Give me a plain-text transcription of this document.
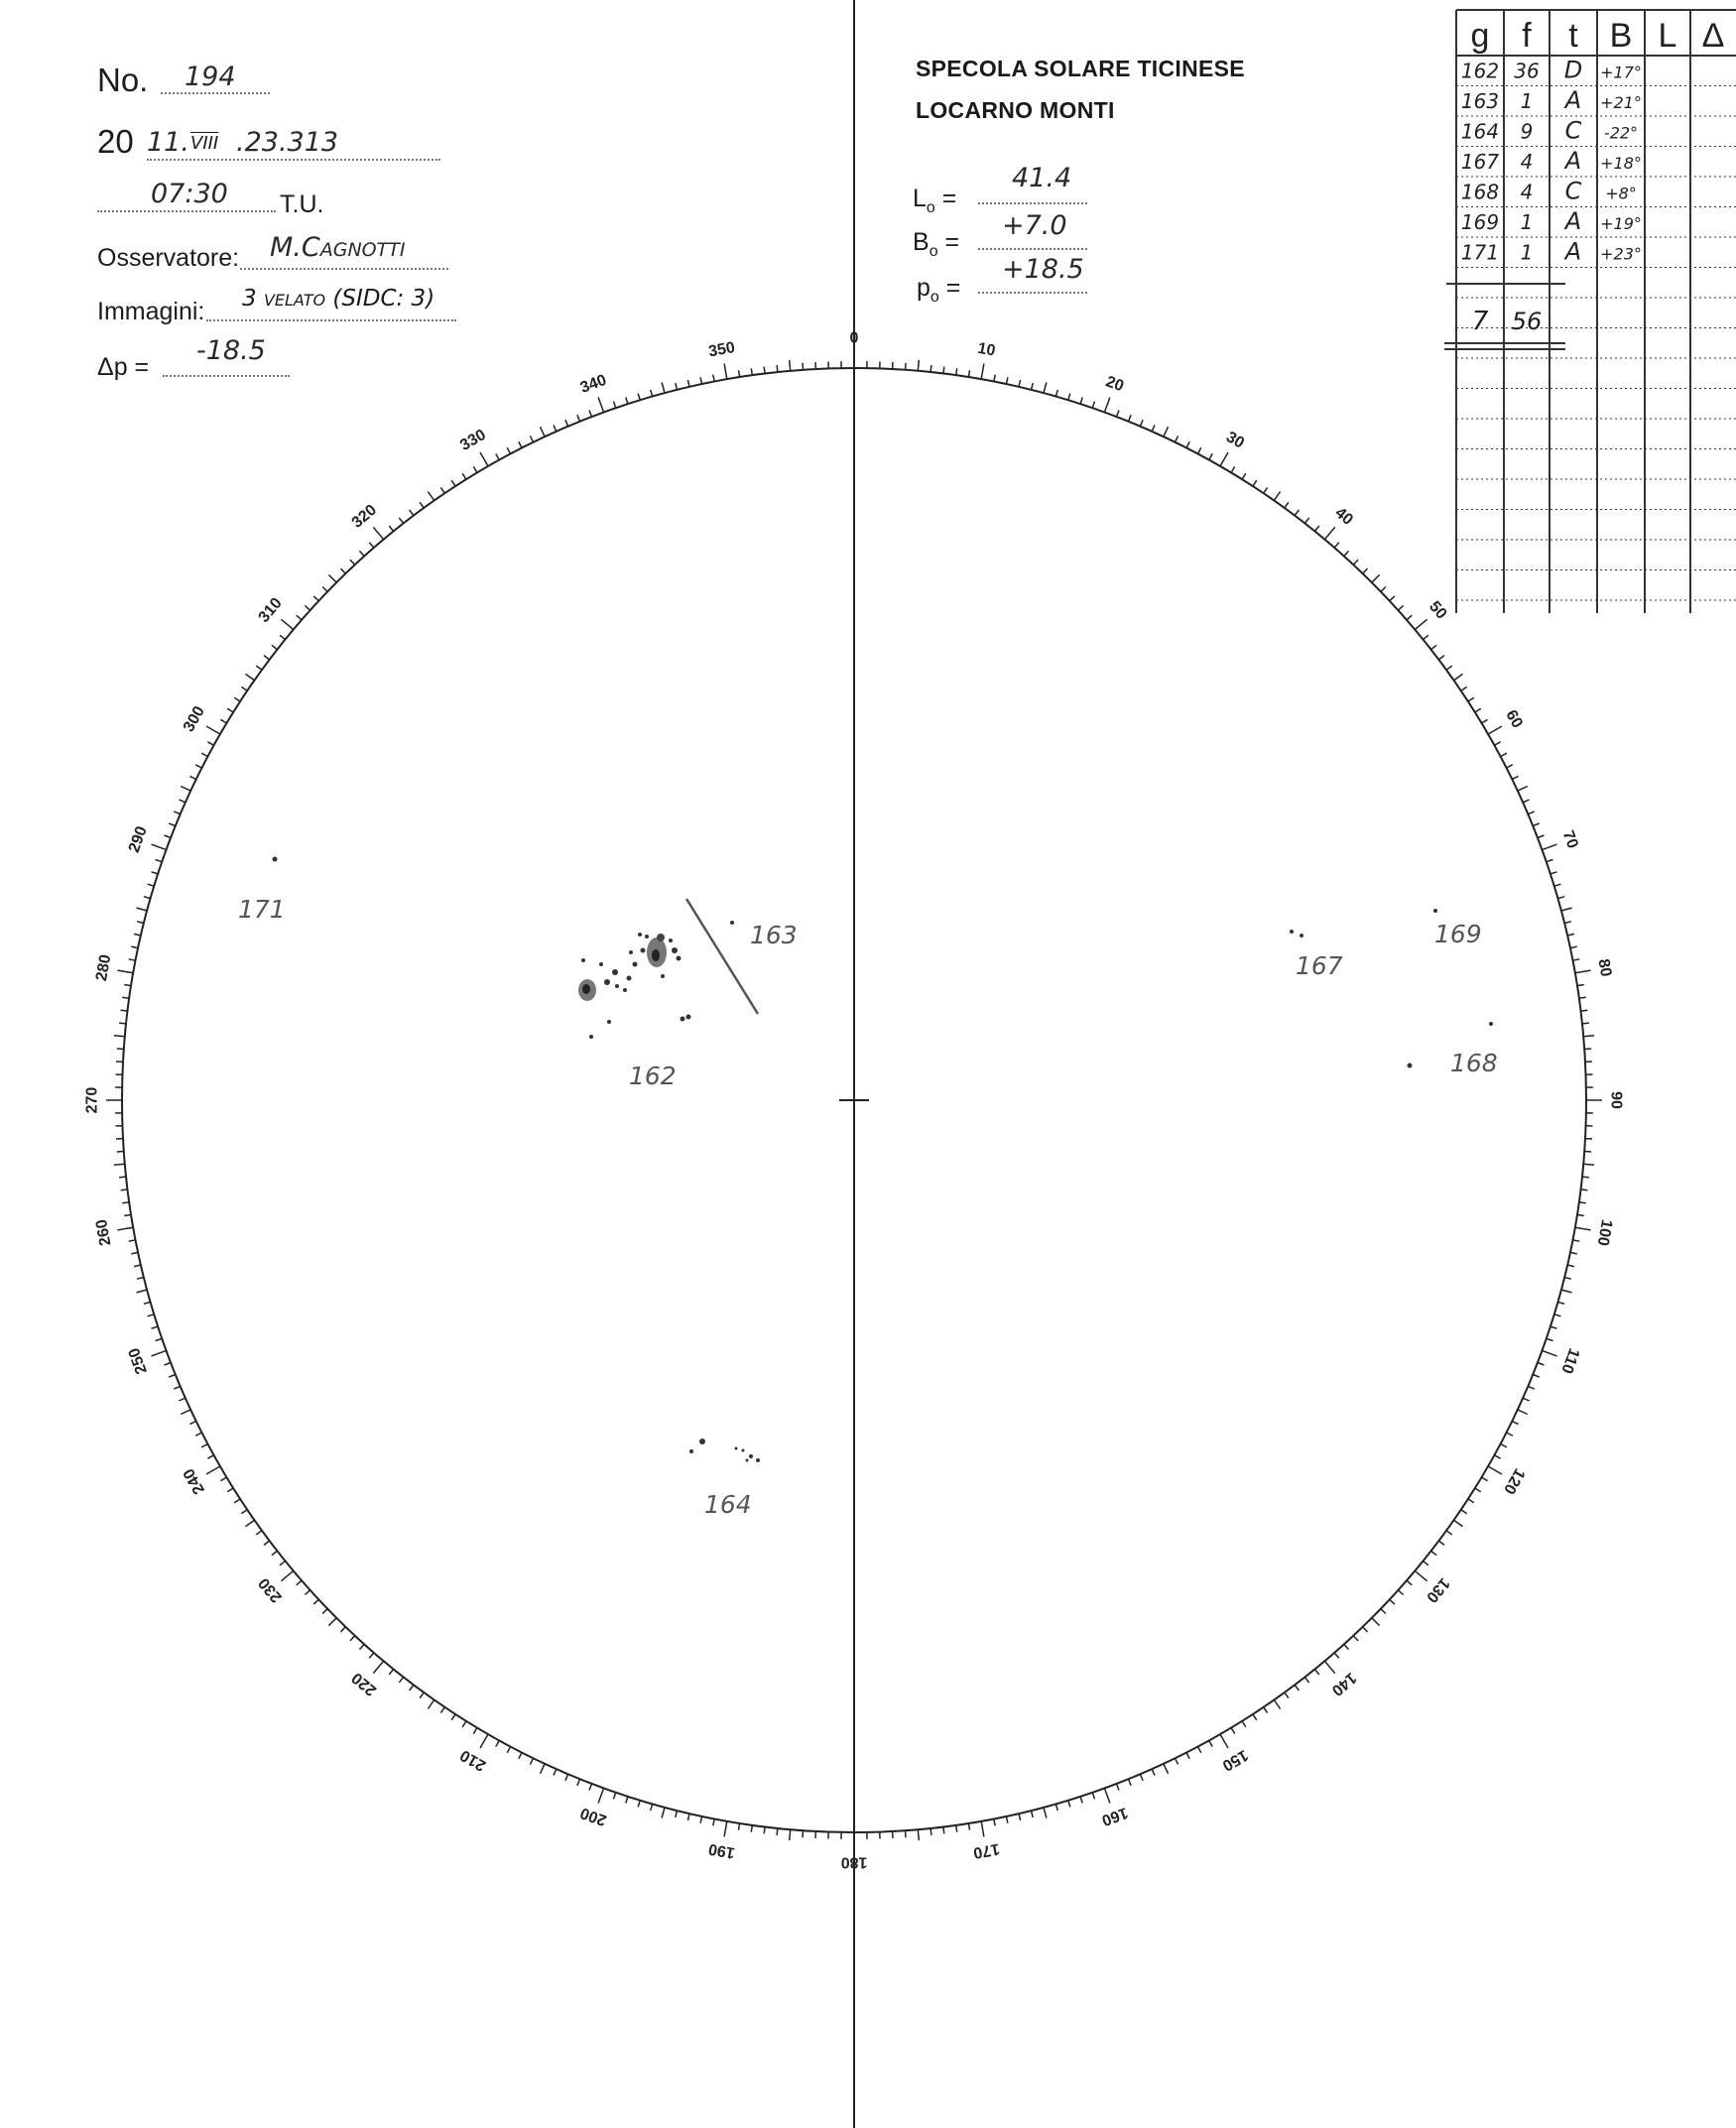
No. 194
20 11. VIII .23.313
07:30 T.U.
Osservatore: M.Cagnotti
Immagini: 3 velato (SIDC: 3)
Δp =
-18.5
SPECOLA SOLARE TICINESE
LOCARNO MONTI
$L_o$ =
41.4
$B_o$ =
+7.0
$p_o$ =
+18.5
0
10
20
30
40
50
60
70
80
90
100
110
120
130
140
150
160
170
180
190
200
210
220
230
240
250
260
270
280
290
300
310
320
330
340
350
171
163
162
167
169
168
164
g f t B L Δ
162 36 D +17°
163 1 A +21°
164 9 C -22°
167 4 A +18°
168 4 C +8°
169 1 A +19°
171 1 A +23°
7 56
